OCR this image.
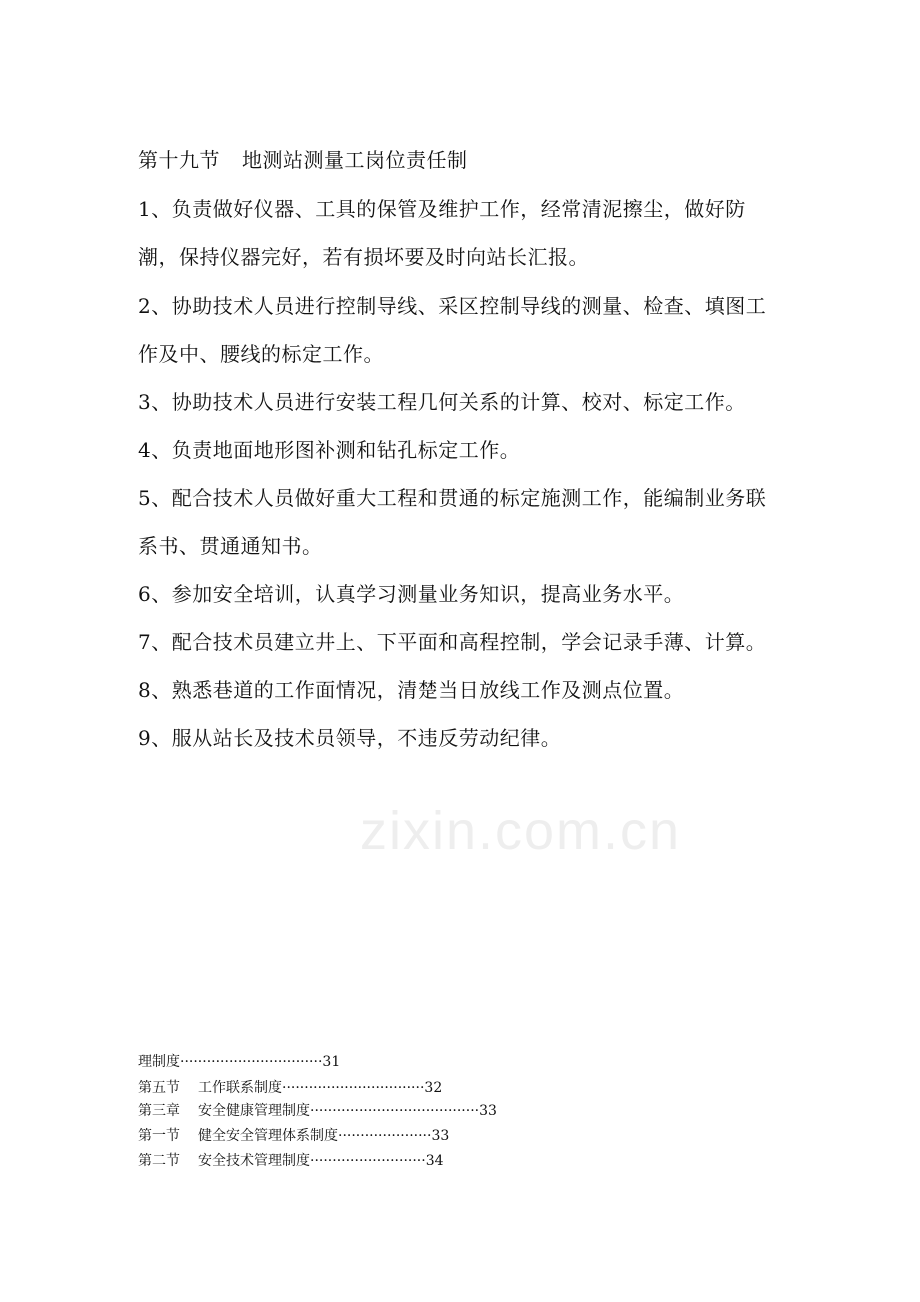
第十九节 地测站测量工岗位责任制

1、负责做好仪器、工具的保管及维护工作，经常清泥擦尘，做好防潮，保持仪器完好，若有损坏要及时向站长汇报。

2、协助技术人员进行控制导线、采区控制导线的测量、检查、填图工作及中、腰线的标定工作。

3、协助技术人员进行安装工程几何关系的计算、校对、标定工作。

4、负责地面地形图补测和钻孔标定工作。

5、配合技术人员做好重大工程和贯通的标定施测工作，能编制业务联系书、贯通通知书。

6、参加安全培训，认真学习测量业务知识，提高业务水平。

7、配合技术员建立井上、下平面和高程控制，学会记录手薄、计算。

8、熟悉巷道的工作面情况，清楚当日放线工作及测点位置。

9、服从站长及技术员领导，不违反劳动纪律。

zixin.com.cn
理制度································31
第五节 工作联系制度································32
第三章 安全健康管理制度······································33
第一节 健全安全管理体系制度·····················33
第二节 安全技术管理制度··························34
